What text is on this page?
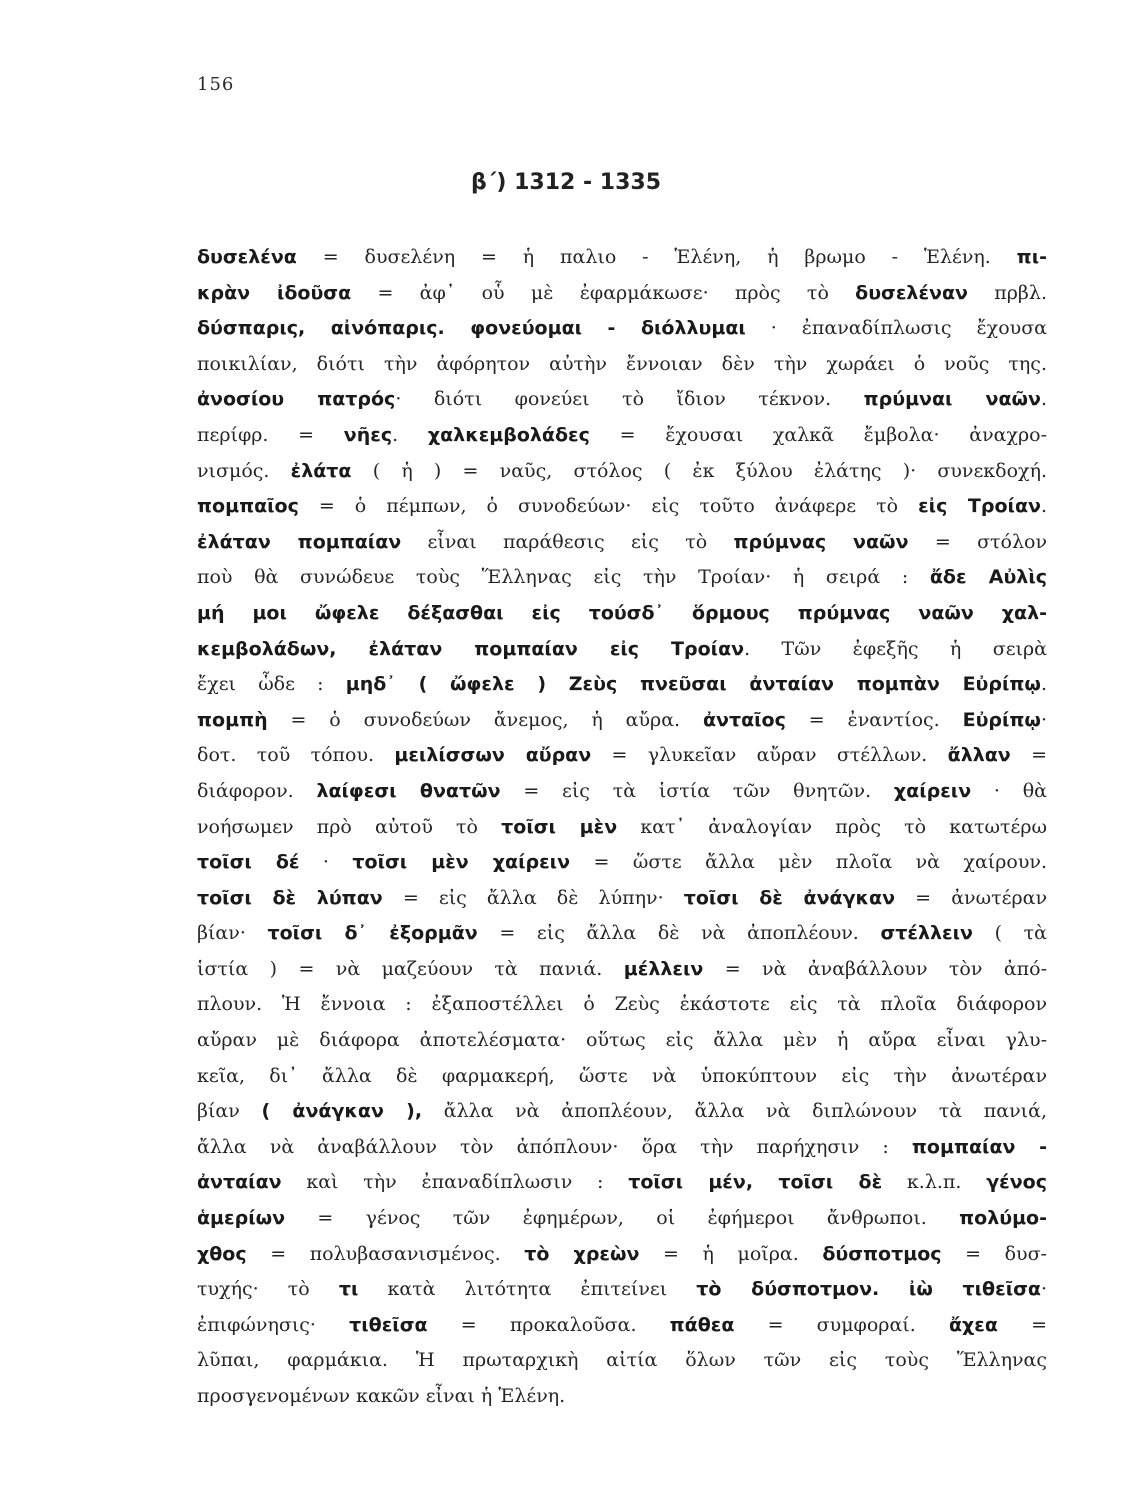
156
β΄) 1312 - 1335
δυσελένα = δυσελένη = ἡ παλιο - Ἑλένη, ἡ βρωμο - Ἑλένη. πι-
κρὰν ἰδοῦσα = ἀφ᾽ οὗ μὲ ἐφαρμάκωσε· πρὸς τὸ δυσελέναν πρβλ.
δύσπαρις, αἰνόπαρις. φονεύομαι - διόλλυμαι · ἐπαναδίπλωσις ἔχουσα
ποικιλίαν, διότι τὴν ἀφόρητον αὐτὴν ἔννοιαν δὲν τὴν χωράει ὁ νοῦς της.
ἀνοσίου πατρός· διότι φονεύει τὸ ἴδιον τέκνον. πρύμναι ναῶν.
περίφρ. = νῆες. χαλκεμβολάδες = ἔχουσαι χαλκᾶ ἔμβολα· ἀναχρο-
νισμός. ἐλάτα ( ἡ ) = ναῦς, στόλος ( ἐκ ξύλου ἐλάτης )· συνεκδοχή.
πομπαῖος = ὁ πέμπων, ὁ συνοδεύων· εἰς τοῦτο ἀνάφερε τὸ εἰς Τροίαν.
ἐλάταν πομπαίαν εἶναι παράθεσις εἰς τὸ πρύμνας ναῶν = στόλον
ποὺ θὰ συνώδευε τοὺς Ἕλληνας εἰς τὴν Τροίαν· ἡ σειρά : ἄδε Αὐλὶς
μή μοι ὤφελε δέξασθαι εἰς τούσδ᾽ ὅρμους πρύμνας ναῶν χαλ-
κεμβολάδων, ἐλάταν πομπαίαν εἰς Τροίαν. Τῶν ἐφεξῆς ἡ σειρὰ
ἔχει ὧδε : μηδ᾽ ( ὤφελε ) Ζεὺς πνεῦσαι ἀνταίαν πομπὰν Εὐρίπῳ.
πομπὴ = ὁ συνοδεύων ἄνεμος, ἡ αὔρα. ἀνταῖος = ἐναντίος. Εὐρίπῳ·
δοτ. τοῦ τόπου. μειλίσσων αὔραν = γλυκεῖαν αὔραν στέλλων. ἄλλαν =
διάφορον. λαίφεσι θνατῶν = εἰς τὰ ἱστία τῶν θνητῶν. χαίρειν · θὰ
νοήσωμεν πρὸ αὐτοῦ τὸ τοῖσι μὲν κατ᾽ ἀναλογίαν πρὸς τὸ κατωτέρω
τοῖσι δέ · τοῖσι μὲν χαίρειν = ὥστε ἄλλα μὲν πλοῖα νὰ χαίρουν.
τοῖσι δὲ λύπαν = εἰς ἄλλα δὲ λύπην· τοῖσι δὲ ἀνάγκαν = ἀνωτέραν
βίαν· τοῖσι δ᾽ ἐξορμᾶν = εἰς ἄλλα δὲ νὰ ἀποπλέουν. στέλλειν ( τὰ
ἱστία ) = νὰ μαζεύουν τὰ πανιά. μέλλειν = νὰ ἀναβάλλουν τὸν ἀπό-
πλουν. Ἡ ἔννοια : ἐξαποστέλλει ὁ Ζεὺς ἑκάστοτε εἰς τὰ πλοῖα διάφορον
αὔραν μὲ διάφορα ἀποτελέσματα· οὕτως εἰς ἄλλα μὲν ἡ αὔρα εἶναι γλυ-
κεῖα, δι᾽ ἄλλα δὲ φαρμακερή, ὥστε νὰ ὑποκύπτουν εἰς τὴν ἀνωτέραν
βίαν ( ἀνάγκαν ), ἄλλα νὰ ἀποπλέουν, ἄλλα νὰ διπλώνουν τὰ πανιά,
ἄλλα νὰ ἀναβάλλουν τὸν ἀπόπλουν· ὅρα τὴν παρήχησιν : πομπαίαν -
ἀνταίαν καὶ τὴν ἐπαναδίπλωσιν : τοῖσι μέν, τοῖσι δὲ κ.λ.π. γένος
ἁμερίων = γένος τῶν ἐφημέρων, οἱ ἐφήμεροι ἄνθρωποι. πολύμο-
χθος = πολυβασανισμένος. τὸ χρεὼν = ἡ μοῖρα. δύσποτμος = δυσ-
τυχής· τὸ τι κατὰ λιτότητα ἐπιτείνει τὸ δύσποτμον. ἰὼ τιθεῖσα·
ἐπιφώνησις· τιθεῖσα = προκαλοῦσα. πάθεα = συμφοραί. ἄχεα =
λῦπαι, φαρμάκια. Ἡ πρωταρχικὴ αἰτία ὅλων τῶν εἰς τοὺς Ἕλληνας
προσγενομένων κακῶν εἶναι ἡ Ἑλένη.
